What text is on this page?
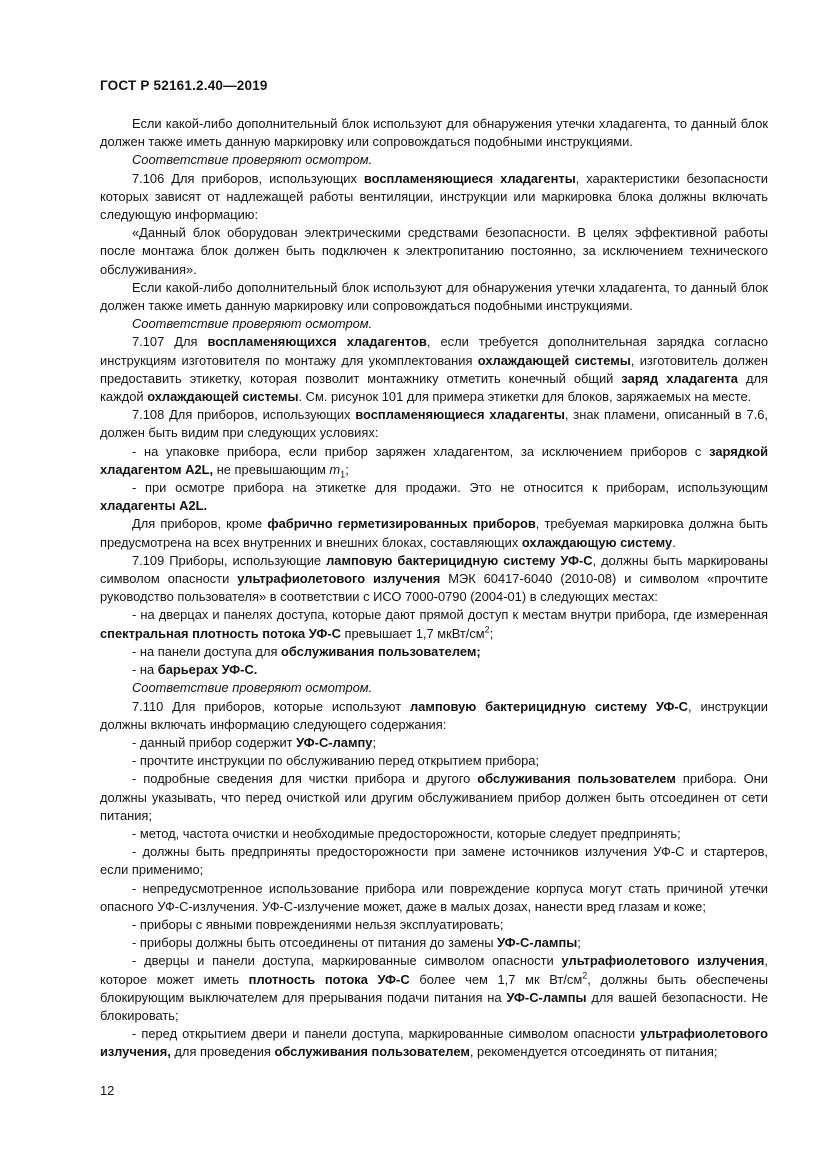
ГОСТ Р 52161.2.40—2019

Если какой-либо дополнительный блок используют для обнаружения утечки хладагента, то данный блок должен также иметь данную маркировку или сопровождаться подобными инструкциями.

Соответствие проверяют осмотром.

7.106 Для приборов, использующих воспламеняющиеся хладагенты, характеристики безопасности которых зависят от надлежащей работы вентиляции, инструкции или маркировка блока должны включать следующую информацию:

«Данный блок оборудован электрическими средствами безопасности. В целях эффективной работы после монтажа блок должен быть подключен к электропитанию постоянно, за исключением технического обслуживания».

Если какой-либо дополнительный блок используют для обнаружения утечки хладагента, то данный блок должен также иметь данную маркировку или сопровождаться подобными инструкциями.

Соответствие проверяют осмотром.

7.107 Для воспламеняющихся хладагентов, если требуется дополнительная зарядка согласно инструкциям изготовителя по монтажу для укомплектования охлаждающей системы, изготовитель должен предоставить этикетку, которая позволит монтажнику отметить конечный общий заряд хладагента для каждой охлаждающей системы. См. рисунок 101 для примера этикетки для блоков, заряжаемых на месте.

7.108 Для приборов, использующих воспламеняющиеся хладагенты, знак пламени, описанный в 7.6, должен быть видим при следующих условиях:

- на упаковке прибора, если прибор заряжен хладагентом, за исключением приборов с зарядкой хладагентом A2L, не превышающим $m_1$;

- при осмотре прибора на этикетке для продажи. Это не относится к приборам, использующим хладагенты A2L.

Для приборов, кроме фабрично герметизированных приборов, требуемая маркировка должна быть предусмотрена на всех внутренних и внешних блоках, составляющих охлаждающую систему.

7.109 Приборы, использующие ламповую бактерицидную систему УФ-С, должны быть маркированы символом опасности ультрафиолетового излучения МЭК 60417-6040 (2010-08) и символом «прочтите руководство пользователя» в соответствии с ИСО 7000-0790 (2004-01) в следующих местах:

- на дверцах и панелях доступа, которые дают прямой доступ к местам внутри прибора, где измеренная спектральная плотность потока УФ-С превышает 1,7 мкВт/$см^2$;

- на панели доступа для обслуживания пользователем;

- на барьерах УФ-С.

Соответствие проверяют осмотром.

7.110 Для приборов, которые используют ламповую бактерицидную систему УФ-С, инструкции должны включать информацию следующего содержания:

- данный прибор содержит УФ-С-лампу;

- прочтите инструкции по обслуживанию перед открытием прибора;

- подробные сведения для чистки прибора и другого обслуживания пользователем прибора. Они должны указывать, что перед очисткой или другим обслуживанием прибор должен быть отсоединен от сети питания;

- метод, частота очистки и необходимые предосторожности, которые следует предпринять;

- должны быть предприняты предосторожности при замене источников излучения УФ-С и стартеров, если применимо;

- непредусмотренное использование прибора или повреждение корпуса могут стать причиной утечки опасного УФ-С-излучения. УФ-С-излучение может, даже в малых дозах, нанести вред глазам и коже;

- приборы с явными повреждениями нельзя эксплуатировать;

- приборы должны быть отсоединены от питания до замены УФ-С-лампы;

- дверцы и панели доступа, маркированные символом опасности ультрафиолетового излучения, которое может иметь плотность потока УФ-С более чем 1,7 мк $Вт/см^2$, должны быть обеспечены блокирующим выключателем для прерывания подачи питания на УФ-С-лампы для вашей безопасности. Не блокировать;

- перед открытием двери и панели доступа, маркированные символом опасности ультрафиолетового излучения, для проведения обслуживания пользователем, рекомендуется отсоединять от питания;

12
